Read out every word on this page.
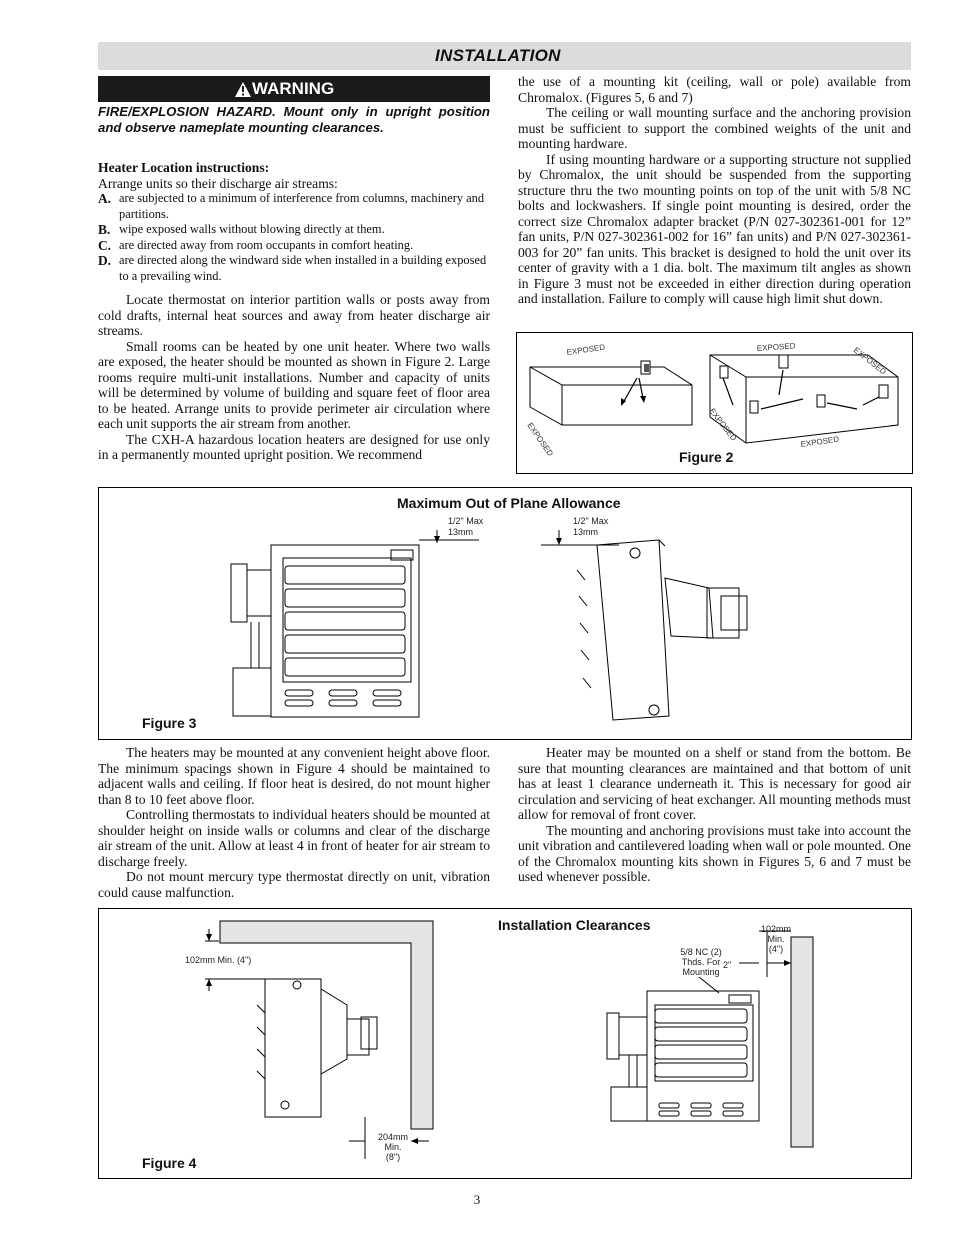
INSTALLATION
WARNING
FIRE/EXPLOSION HAZARD. Mount only in upright position and observe nameplate mounting clearances.
Heater Location instructions:
Arrange units so their discharge air streams:
A. are subjected to a minimum of interference from columns, machinery and partitions.
B. wipe exposed walls without blowing directly at them.
C. are directed away from room occupants in comfort heating.
D. are directed along the windward side when installed in a building exposed to a prevailing wind.

Locate thermostat on interior partition walls or posts away from cold drafts, internal heat sources and away from heater discharge air streams.

Small rooms can be heated by one unit heater. Where two walls are exposed, the heater should be mounted as shown in Figure 2. Large rooms require multi-unit installations. Number and capacity of units will be determined by volume of building and square feet of floor area to be heated. Arrange units to provide perimeter air circulation where each unit supports the air stream from another.

The CXH-A hazardous location heaters are designed for use only in a permanently mounted upright position. We recommend

the use of a mounting kit (ceiling, wall or pole) available from Chromalox. (Figures 5, 6 and 7)

The ceiling or wall mounting surface and the anchoring provision must be sufficient to support the combined weights of the unit and mounting hardware.

If using mounting hardware or a supporting structure not supplied by Chromalox, the unit should be suspended from the supporting structure thru the two mounting points on top of the unit with 5/8 NC bolts and lockwashers. If single point mounting is desired, order the correct size Chromalox adapter bracket (P/N 027-302361-001 for 12” fan units, P/N 027-302361-002 for 16” fan units) and P/N 027-302361-003 for 20” fan units. This bracket is designed to hold the unit over its center of gravity with a 1 dia. bolt. The maximum tilt angles as shown in Figure 3 must not be exceeded in either direction during operation and installation. Failure to comply will cause high limit shut down.

EXPOSED
EXPOSED
EXPOSED	EXPOSED
EXPOSED	EXPOSED
Figure 2
Maximum Out of Plane Allowance
1/2" Max
13mm
1/2" Max
13mm
Figure 3

The heaters may be mounted at any convenient height above floor. The minimum spacings shown in Figure 4 should be maintained to adjacent walls and ceiling. If floor heat is desired, do not mount higher than 8 to 10 feet above floor.

Controlling thermostats to individual heaters should be mounted at shoulder height on inside walls or columns and clear of the discharge air stream of the unit. Allow at least 4 in front of heater for air stream to discharge freely.

Do not mount mercury type thermostat directly on unit, vibration could cause malfunction.

Heater may be mounted on a shelf or stand from the bottom. Be sure that mounting clearances are maintained and that bottom of unit has at least 1 clearance underneath it. This is necessary for good air circulation and servicing of heat exchanger. All mounting methods must allow for removal of front cover.

The mounting and anchoring provisions must take into account the unit vibration and cantilevered loading when wall or pole mounted. One of the Chromalox mounting kits shown in Figures 5, 6 and 7 must be used whenever possible.

Installation Clearances
102mm Min. (4")
204mm
Min.
(8")
102mm
Min.
(4")
5/8 NC (2)
Thds. For
Mounting
2"
Figure 4
3
